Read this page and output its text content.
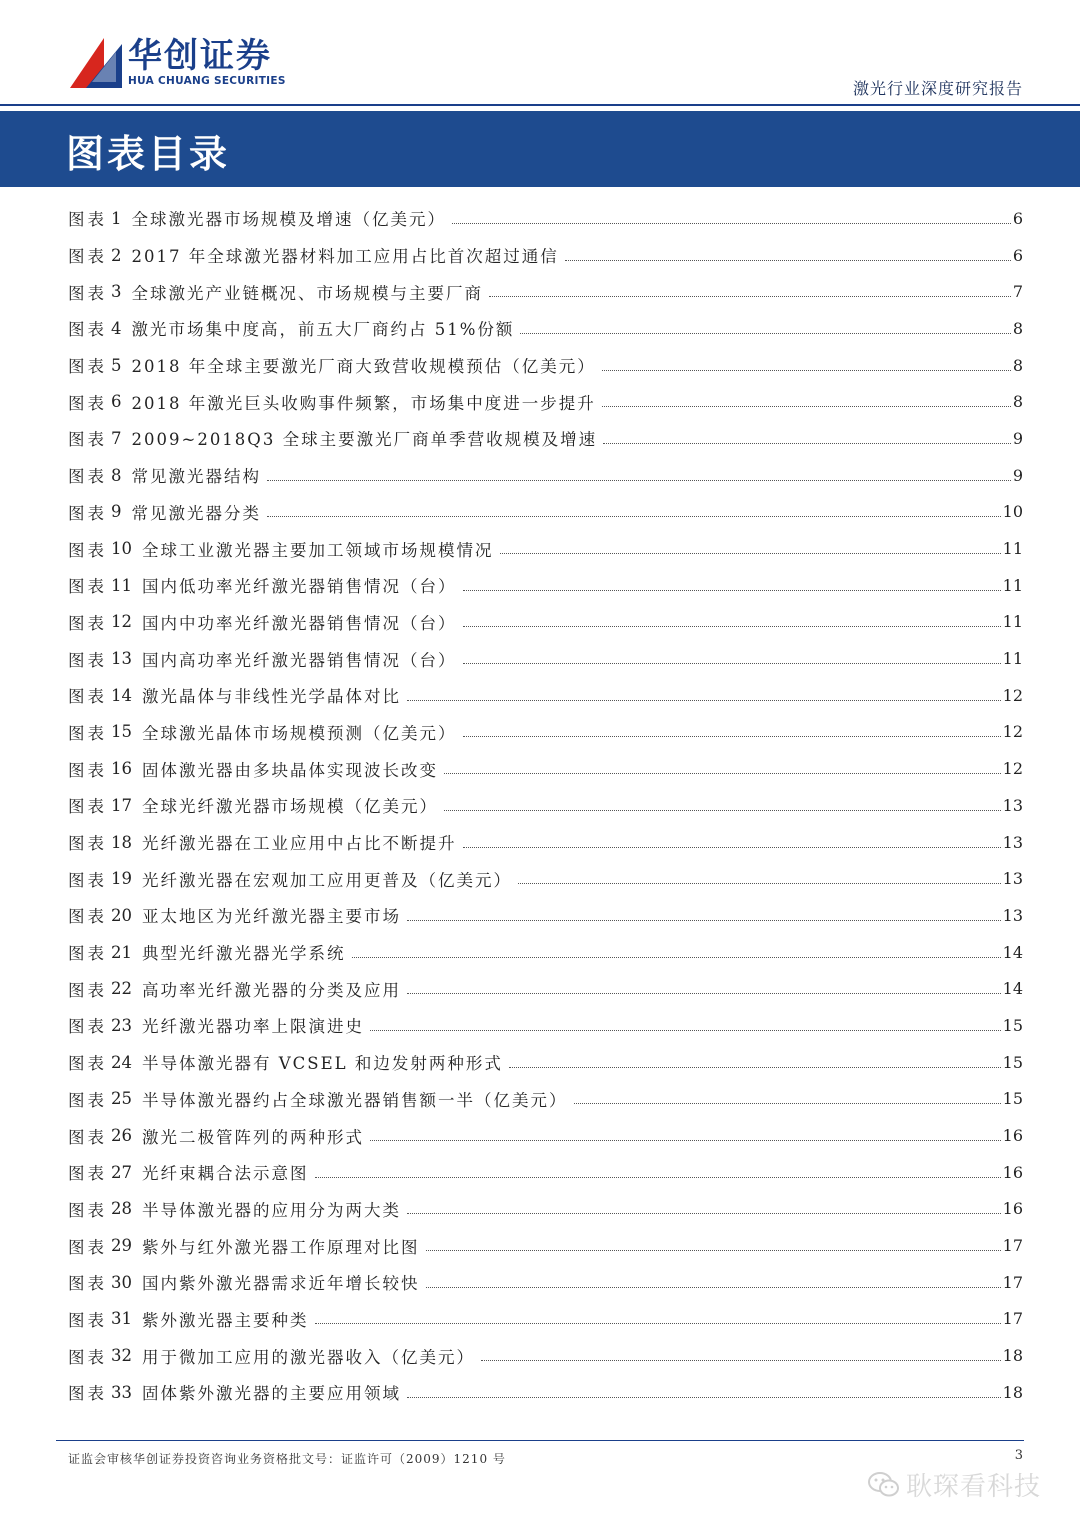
华创证券
HUA CHUANG SECURITIES	激光行业深度研究报告
图表目录
图表 1 全球激光器市场规模及增速（亿美元）	6
图表 2 2017 年全球激光器材料加工应用占比首次超过通信	6
图表 3 全球激光产业链概况、市场规模与主要厂商	7
图表 4 激光市场集中度高，前五大厂商约占 51%份额	8
图表 5 2018 年全球主要激光厂商大致营收规模预估（亿美元）	8
图表 6 2018 年激光巨头收购事件频繁，市场集中度进一步提升	8
图表 7 2009~2018Q3 全球主要激光厂商单季营收规模及增速	9
图表 8 常见激光器结构	9
图表 9 常见激光器分类	10
图表 10 全球工业激光器主要加工领域市场规模情况	11
图表 11 国内低功率光纤激光器销售情况（台）	11
图表 12 国内中功率光纤激光器销售情况（台）	11
图表 13 国内高功率光纤激光器销售情况（台）	11
图表 14 激光晶体与非线性光学晶体对比	12
图表 15 全球激光晶体市场规模预测（亿美元）	12
图表 16 固体激光器由多块晶体实现波长改变	12
图表 17 全球光纤激光器市场规模（亿美元）	13
图表 18 光纤激光器在工业应用中占比不断提升	13
图表 19 光纤激光器在宏观加工应用更普及（亿美元）	13
图表 20 亚太地区为光纤激光器主要市场	13
图表 21 典型光纤激光器光学系统	14
图表 22 高功率光纤激光器的分类及应用	14
图表 23 光纤激光器功率上限演进史	15
图表 24 半导体激光器有 VCSEL 和边发射两种形式	15
图表 25 半导体激光器约占全球激光器销售额一半（亿美元）	15
图表 26 激光二极管阵列的两种形式	16
图表 27 光纤束耦合法示意图	16
图表 28 半导体激光器的应用分为两大类	16
图表 29 紫外与红外激光器工作原理对比图	17
图表 30 国内紫外激光器需求近年增长较快	17
图表 31 紫外激光器主要种类	17
图表 32 用于微加工应用的激光器收入（亿美元）	18
图表 33 固体紫外激光器的主要应用领域	18
证监会审核华创证券投资咨询业务资格批文号：证监许可（2009）1210 号	3
耿琛看科技
